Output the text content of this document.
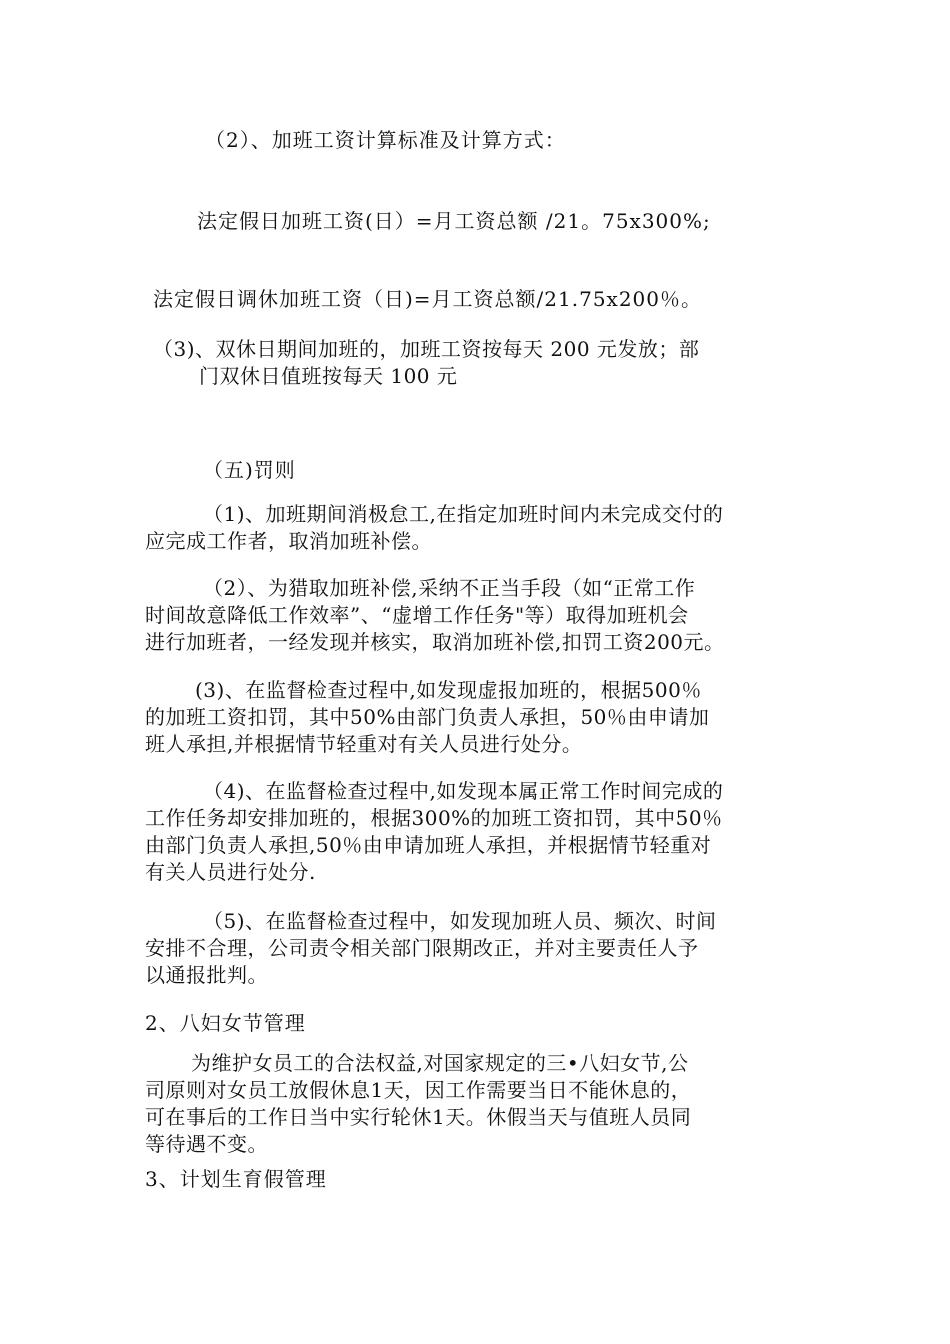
（2）、加班工资计算标准及计算方式：
法定假日加班工资(日）=月工资总额 /21。75x300%;
法定假日调休加班工资（日)=月工资总额/21.75x200％。
（3)、双休日期间加班的，加班工资按每天 200 元发放；部
门双休日值班按每天 100 元
（五)罚则
（1)、加班期间消极怠工,在指定加班时间内未完成交付的
应完成工作者，取消加班补偿。
（2）、为猎取加班补偿,采纳不正当手段（如“正常工作
时间故意降低工作效率”、“虚增工作任务"等）取得加班机会
进行加班者，一经发现并核实，取消加班补偿,扣罚工资200元。
(3)、在监督检查过程中,如发现虚报加班的，根据500％
的加班工资扣罚，其中50%由部门负责人承担，50％由申请加
班人承担,并根据情节轻重对有关人员进行处分。
（4)、在监督检查过程中,如发现本属正常工作时间完成的
工作任务却安排加班的，根据300%的加班工资扣罚，其中50％
由部门负责人承担,50％由申请加班人承担，并根据情节轻重对
有关人员进行处分.
（5)、在监督检查过程中，如发现加班人员、频次、时间
安排不合理，公司责令相关部门限期改正，并对主要责任人予
以通报批判。
2、八妇女节管理
为维护女员工的合法权益,对国家规定的三•八妇女节,公
司原则对女员工放假休息1天，因工作需要当日不能休息的，
可在事后的工作日当中实行轮休1天。休假当天与值班人员同
等待遇不变。
3、计划生育假管理
